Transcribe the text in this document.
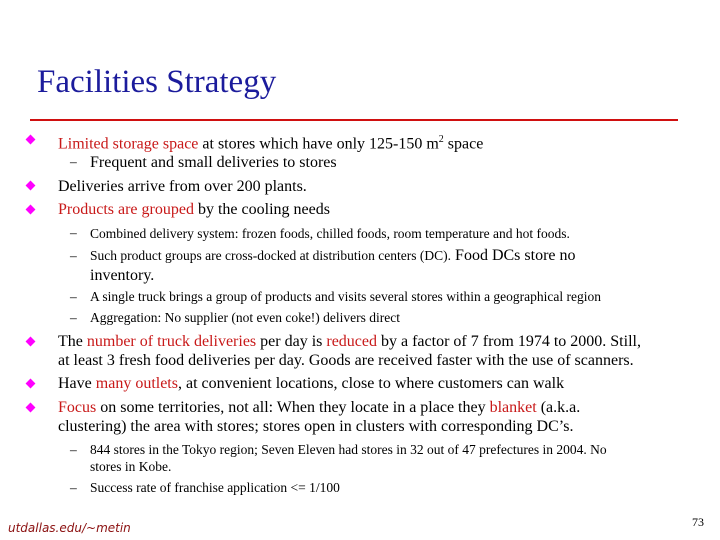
Facilities Strategy
Limited storage space at stores which have only 125-150 $m^2$ space
– Frequent and small deliveries to stores
Deliveries arrive from over 200 plants.
Products are grouped by the cooling needs
– Combined delivery system: frozen foods, chilled foods, room temperature and hot foods.
– Such product groups are cross-docked at distribution centers (DC). Food DCs store no
inventory.
– A single truck brings a group of products and visits several stores within a geographical region
– Aggregation: No supplier (not even coke!) delivers direct
The number of truck deliveries per day is reduced by a factor of 7 from 1974 to 2000. Still,
at least 3 fresh food deliveries per day. Goods are received faster with the use of scanners.
Have many outlets, at convenient locations, close to where customers can walk
Focus on some territories, not all: When they locate in a place they blanket (a.k.a.
clustering) the area with stores; stores open in clusters with corresponding DC’s.
– 844 stores in the Tokyo region; Seven Eleven had stores in 32 out of 47 prefectures in 2004. No
stores in Kobe.
– Success rate of franchise application <= 1/100
utdallas.edu/~metin	73
